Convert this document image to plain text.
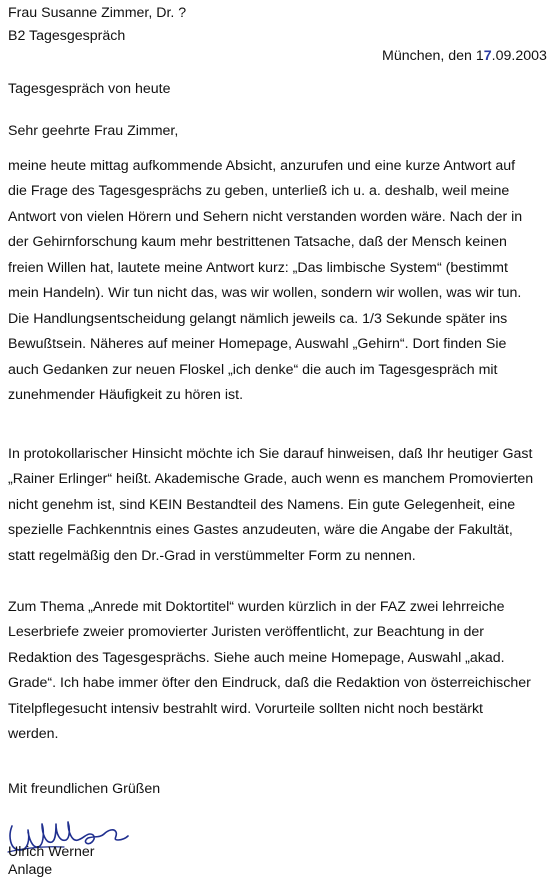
Frau Susanne Zimmer, Dr. ?
B2 Tagesgespräch
München, den 17.09.2003
Tagesgespräch von heute
Sehr geehrte Frau Zimmer,
meine heute mittag aufkommende Absicht, anzurufen und eine kurze Antwort auf
die Frage des Tagesgesprächs zu geben, unterließ ich u. a. deshalb, weil meine
Antwort von vielen Hörern und Sehern nicht verstanden worden wäre. Nach der in
der Gehirnforschung kaum mehr bestrittenen Tatsache, daß der Mensch keinen
freien Willen hat, lautete meine Antwort kurz: „Das limbische System“ (bestimmt
mein Handeln). Wir tun nicht das, was wir wollen, sondern wir wollen, was wir tun.
Die Handlungsentscheidung gelangt nämlich jeweils ca. 1/3 Sekunde später ins
Bewußtsein. Näheres auf meiner Homepage, Auswahl „Gehirn“. Dort finden Sie
auch Gedanken zur neuen Floskel „ich denke“ die auch im Tagesgespräch mit
zunehmender Häufigkeit zu hören ist.
In protokollarischer Hinsicht möchte ich Sie darauf hinweisen, daß Ihr heutiger Gast
„Rainer Erlinger“ heißt. Akademische Grade, auch wenn es manchem Promovierten
nicht genehm ist, sind KEIN Bestandteil des Namens. Ein gute Gelegenheit, eine
spezielle Fachkenntnis eines Gastes anzudeuten, wäre die Angabe der Fakultät,
statt regelmäßig den Dr.-Grad in verstümmelter Form zu nennen.
Zum Thema „Anrede mit Doktortitel“ wurden kürzlich in der FAZ zwei lehrreiche
Leserbriefe zweier promovierter Juristen veröffentlicht, zur Beachtung in der
Redaktion des Tagesgesprächs. Siehe auch meine Homepage, Auswahl „akad.
Grade“. Ich habe immer öfter den Eindruck, daß die Redaktion von österreichischer
Titelpflegesucht intensiv bestrahlt wird. Vorurteile sollten nicht noch bestärkt
werden.
Mit freundlichen Grüßen
Ulrich Werner
Anlage
